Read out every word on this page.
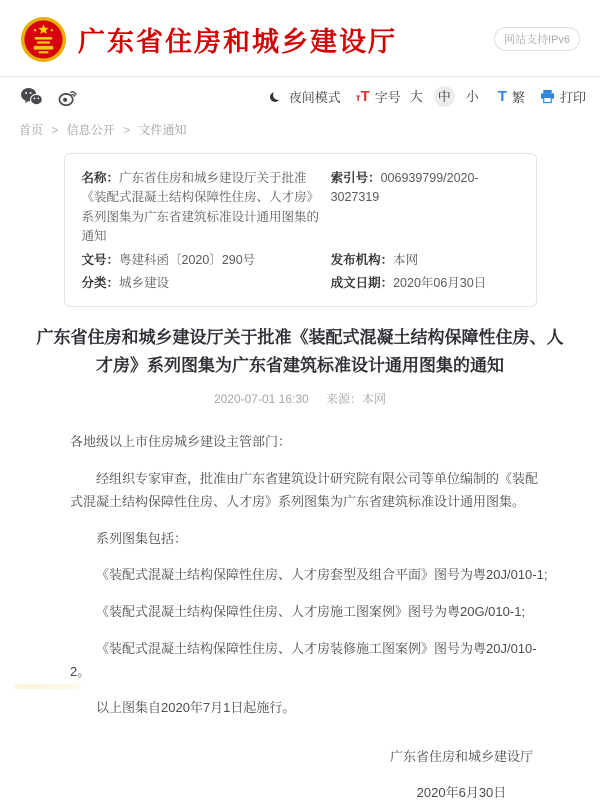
广东省住房和城乡建设厅	网站支持IPv6
夜间模式 тT 字号 大	中	小 T 繁	打印
首页 > 信息公开 > 文件通知
名称：广东省住房和城乡建设厅关于批准《装配式混凝土结构保障性住房、人才房》系列图集为广东省建筑标准设计通用图集的通知
索引号：006939799/2020-3027319
文号：粤建科函〔2020〕290号	发布机构：本网
分类：城乡建设	成文日期：2020年06月30日
广东省住房和城乡建设厅关于批准《装配式混凝土结构保障性住房、人才房》系列图集为广东省建筑标准设计通用图集的通知
2020-07-01 16:30 来源：本网

各地级以上市住房城乡建设主管部门：

经组织专家审查，批准由广东省建筑设计研究院有限公司等单位编制的《装配式混凝土结构保障性住房、人才房》系列图集为广东省建筑标准设计通用图集。

系列图集包括：

《装配式混凝土结构保障性住房、人才房套型及组合平面》图号为粤20J/010-1;

《装配式混凝土结构保障性住房、人才房施工图案例》图号为粤20G/010-1;

《装配式混凝土结构保障性住房、人才房装修施工图案例》图号为粤20J/010-2。

以上图集自2020年7月1日起施行。

广东省住房和城乡建设厅
2020年6月30日
